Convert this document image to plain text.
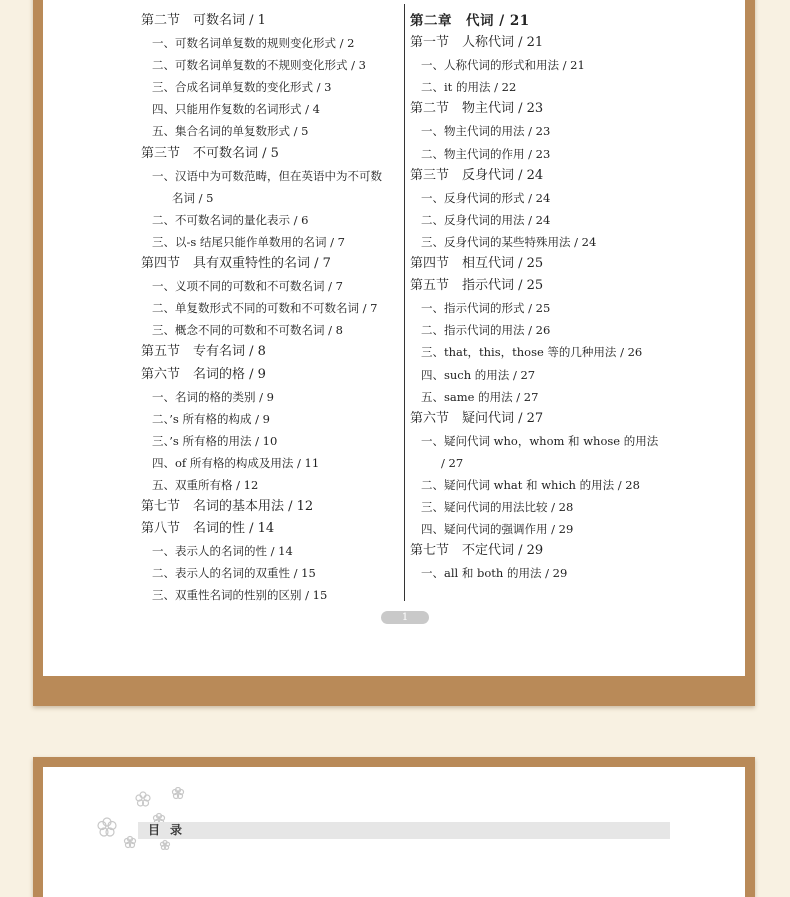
第二节　可数名词 / 1
一、可数名词单复数的规则变化形式 / 2
二、可数名词单复数的不规则变化形式 / 3
三、合成名词单复数的变化形式 / 3
四、只能用作复数的名词形式 / 4
五、集合名词的单复数形式 / 5
第三节　不可数名词 / 5
一、汉语中为可数范畴，但在英语中为不可数
名词 / 5
二、不可数名词的量化表示 / 6
三、以-s 结尾只能作单数用的名词 / 7
第四节　具有双重特性的名词 / 7
一、义项不同的可数和不可数名词 / 7
二、单复数形式不同的可数和不可数名词 / 7
三、概念不同的可数和不可数名词 / 8
第五节　专有名词 / 8
第六节　名词的格 / 9
一、名词的格的类别 / 9
二、’s 所有格的构成 / 9
三、’s 所有格的用法 / 10
四、of 所有格的构成及用法 / 11
五、双重所有格 / 12
第七节　名词的基本用法 / 12
第八节　名词的性 / 14
一、表示人的名词的性 / 14
二、表示人的名词的双重性 / 15
三、双重性名词的性别的区别 / 15
第二章　代词 / 21
第一节　人称代词 / 21
一、人称代词的形式和用法 / 21
二、it 的用法 / 22
第二节　物主代词 / 23
一、物主代词的用法 / 23
二、物主代词的作用 / 23
第三节　反身代词 / 24
一、反身代词的形式 / 24
二、反身代词的用法 / 24
三、反身代词的某些特殊用法 / 24
第四节　相互代词 / 25
第五节　指示代词 / 25
一、指示代词的形式 / 25
二、指示代词的用法 / 26
三、that，this，those 等的几种用法 / 26
四、such 的用法 / 27
五、same 的用法 / 27
第六节　疑问代词 / 27
一、疑问代词 who，whom 和 whose 的用法
/ 27
二、疑问代词 what 和 which 的用法 / 28
三、疑问代词的用法比较 / 28
四、疑问代词的强调作用 / 29
第七节　不定代词 / 29
一、all 和 both 的用法 / 29
1
目录
